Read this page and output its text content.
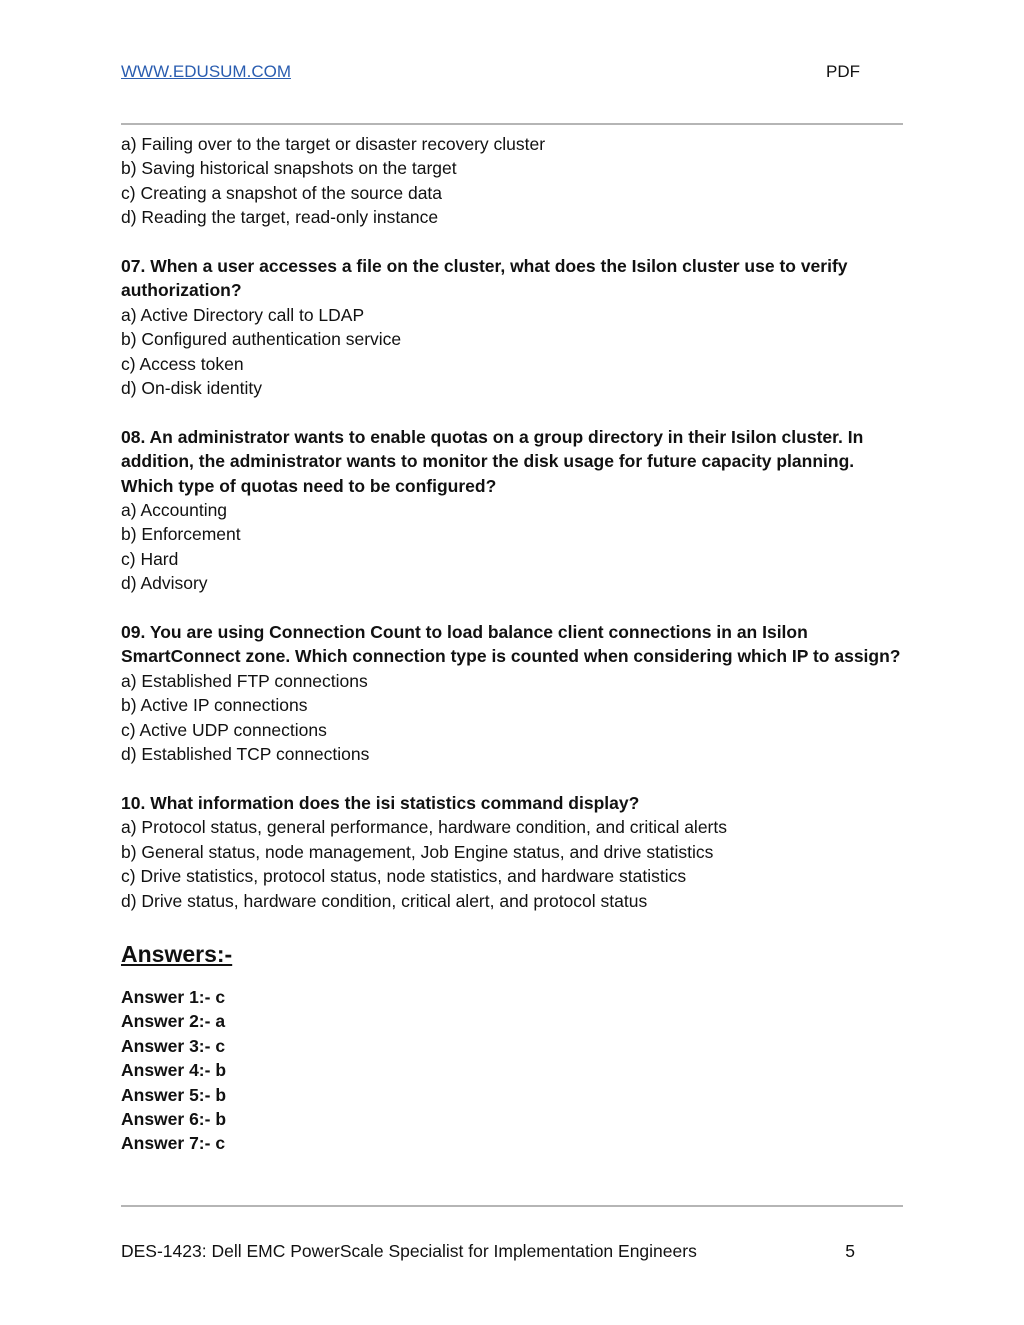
WWW.EDUSUM.COM	PDF
a) Failing over to the target or disaster recovery cluster
b) Saving historical snapshots on the target
c) Creating a snapshot of the source data
d) Reading the target, read-only instance
07. When a user accesses a file on the cluster, what does the Isilon cluster use to verify authorization?
a) Active Directory call to LDAP
b) Configured authentication service
c) Access token
d) On-disk identity
08. An administrator wants to enable quotas on a group directory in their Isilon cluster. In addition, the administrator wants to monitor the disk usage for future capacity planning. Which type of quotas need to be configured?
a) Accounting
b) Enforcement
c) Hard
d) Advisory
09. You are using Connection Count to load balance client connections in an Isilon SmartConnect zone. Which connection type is counted when considering which IP to assign?
a) Established FTP connections
b) Active IP connections
c) Active UDP connections
d) Established TCP connections
10. What information does the isi statistics command display?
a) Protocol status, general performance, hardware condition, and critical alerts
b) General status, node management, Job Engine status, and drive statistics
c) Drive statistics, protocol status, node statistics, and hardware statistics
d) Drive status, hardware condition, critical alert, and protocol status
Answers:-
Answer 1:- c
Answer 2:- a
Answer 3:- c
Answer 4:- b
Answer 5:- b
Answer 6:- b
Answer 7:- c
DES-1423: Dell EMC PowerScale Specialist for Implementation Engineers	5
